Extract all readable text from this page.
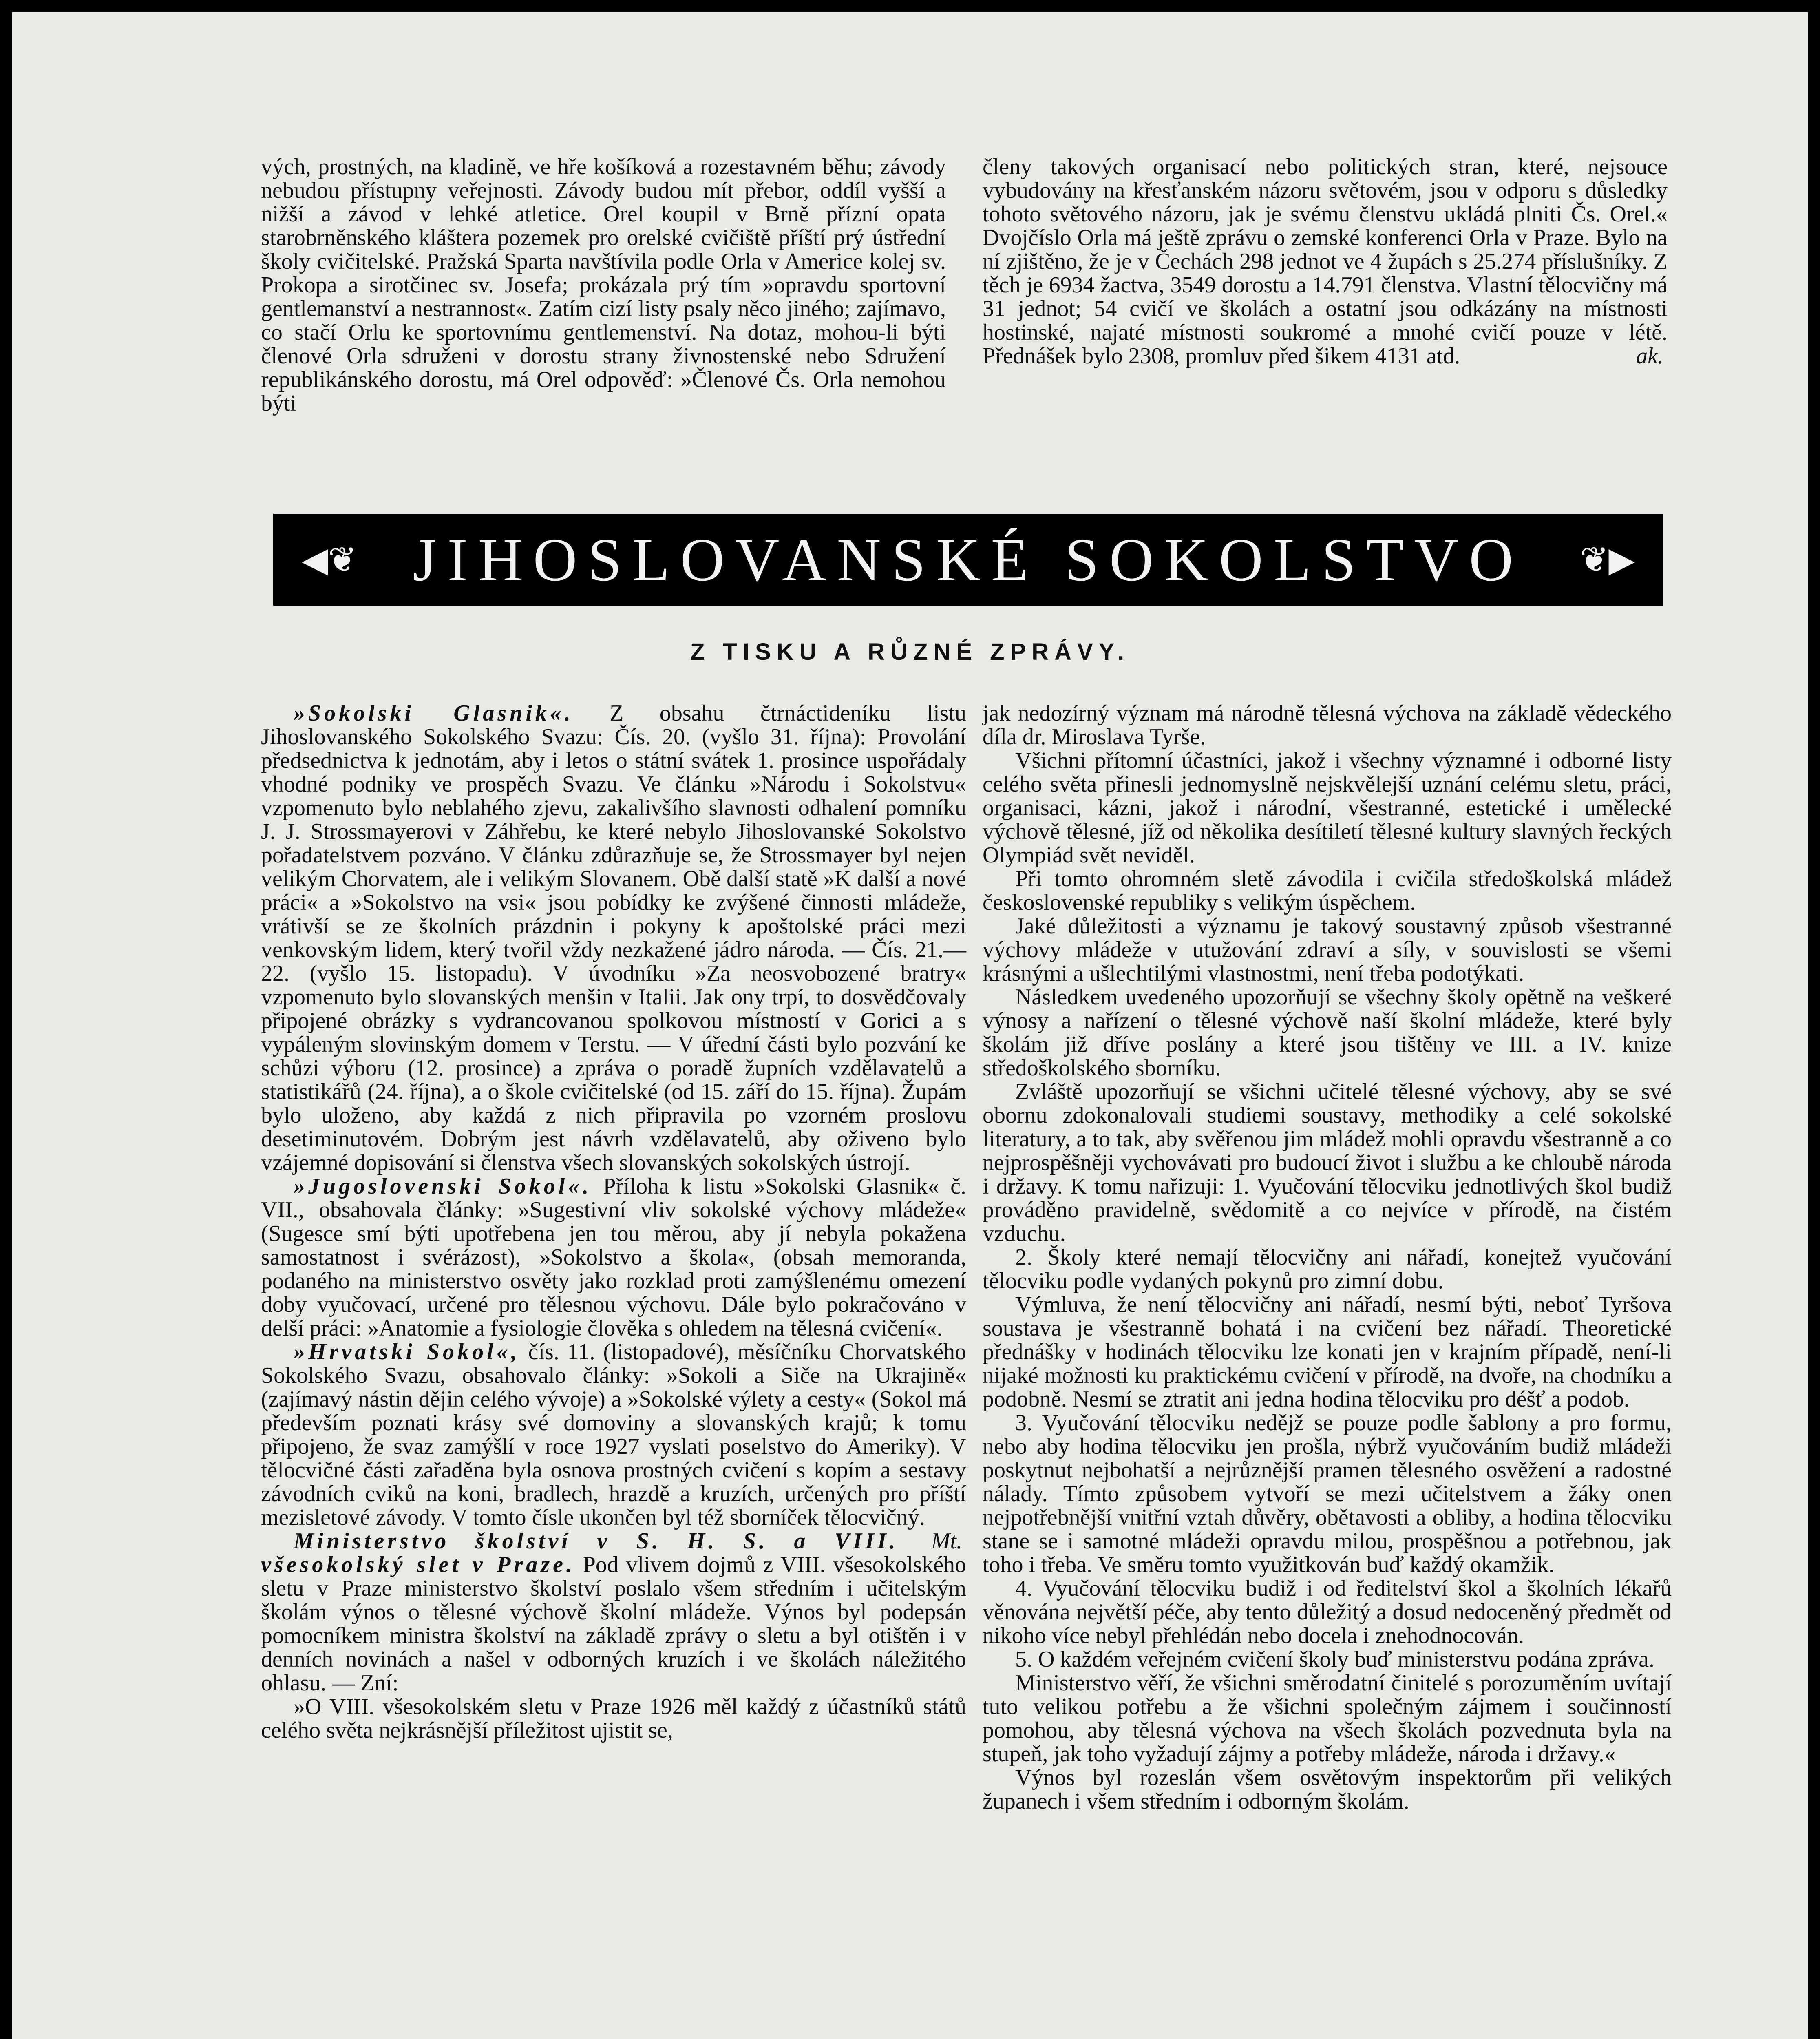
vých, prostných, na kladině, ve hře košíková a rozestavném běhu; závody nebudou přístupny veřejnosti. Závody budou mít přebor, oddíl vyšší a nižší a závod v lehké atletice. Orel koupil v Brně přízní opata starobrněnského kláštera pozemek pro orelské cvičiště příští prý ústřední školy cvičitelské. Pražská Sparta navštívila podle Orla v Americe kolej sv. Prokopa a sirotčinec sv. Josefa; prokázala prý tím »opravdu sportovní gentlemanství a nestrannost«. Zatím cizí listy psaly něco jiného; zajímavo, co stačí Orlu ke sportovnímu gentlemenství. Na dotaz, mohou-li býti členové Orla sdruženi v dorostu strany živnostenské nebo Sdružení republikánského dorostu, má Orel odpověď: »Členové Čs. Orla nemohou býti

členy takových organisací nebo politických stran, které, nejsouce vybudovány na křesťanském názoru světovém, jsou v odporu s důsledky tohoto světového názoru, jak je svému členstvu ukládá plniti Čs. Orel.« Dvojčíslo Orla má ještě zprávu o zemské konferenci Orla v Praze. Bylo na ní zjištěno, že je v Čechách 298 jednot ve 4 župách s 25.274 příslušníky. Z těch je 6934 žactva, 3549 dorostu a 14.791 členstva. Vlastní tělocvičny má 31 jednot; 54 cvičí ve školách a ostatní jsou odkázány na místnosti hostinské, najaté místnosti soukromé a mnohé cvičí pouze v létě. Přednášek bylo 2308, promluv před šikem 4131 atd.	ak.

◀❦ JIHOSLOVANSKÉ SOKOLSTVO ❦▶
Z TISKU A RŮZNÉ ZPRÁVY.

»Sokolski Glasnik«. Z obsahu čtrnáctideníku listu Jihoslovanského Sokolského Svazu: Čís. 20. (vyšlo 31. října): Provolání předsednictva k jednotám, aby i letos o státní svátek 1. prosince uspořádaly vhodné podniky ve prospěch Svazu. Ve článku »Národu i Sokolstvu« vzpomenuto bylo neblahého zjevu, zakalivšího slavnosti odhalení pomníku J. J. Strossmayerovi v Záhřebu, ke které nebylo Jihoslovanské Sokolstvo pořadatelstvem pozváno. V článku zdůrazňuje se, že Strossmayer byl nejen velikým Chorvatem, ale i velikým Slovanem. Obě další statě »K další a nové práci« a »Sokolstvo na vsi« jsou pobídky ke zvýšené činnosti mládeže, vrátivší se ze školních prázdnin i pokyny k apoštolské práci mezi venkovským lidem, který tvořil vždy nezkažené jádro národa. — Čís. 21.—22. (vyšlo 15. listopadu). V úvodníku »Za neosvobozené bratry« vzpomenuto bylo slovanských menšin v Italii. Jak ony trpí, to dosvědčovaly připojené obrázky s vydrancovanou spolkovou místností v Gorici a s vypáleným slovinským domem v Terstu. — V úřední části bylo pozvání ke schůzi výboru (12. prosince) a zpráva o poradě župních vzdělavatelů a statistikářů (24. října), a o škole cvičitelské (od 15. září do 15. října). Župám bylo uloženo, aby každá z nich připravila po vzorném proslovu desetiminutovém. Dobrým jest návrh vzdělavatelů, aby oživeno bylo vzájemné dopisování si členstva všech slovanských sokolských ústrojí.

»Jugoslovenski Sokol«. Příloha k listu »Sokolski Glasnik« č. VII., obsahovala články: »Sugestivní vliv sokolské výchovy mládeže« (Sugesce smí býti upotřebena jen tou měrou, aby jí nebyla pokažena samostatnost i svérázost), »Sokolstvo a škola«, (obsah memoranda, podaného na ministerstvo osvěty jako rozklad proti zamýšlenému omezení doby vyučovací, určené pro tělesnou výchovu. Dále bylo pokračováno v delší práci: »Anatomie a fysiologie člověka s ohledem na tělesná cvičení«.

»Hrvatski Sokol«, čís. 11. (listopadové), měsíčníku Chorvatského Sokolského Svazu, obsahovalo články: »Sokoli a Siče na Ukrajině« (zajímavý nástin dějin celého vývoje) a »Sokolské výlety a cesty« (Sokol má především poznati krásy své domoviny a slovanských krajů; k tomu připojeno, že svaz zamýšlí v roce 1927 vyslati poselstvo do Ameriky). V tělocvičné části zařaděna byla osnova prostných cvičení s kopím a sestavy závodních cviků na koni, bradlech, hrazdě a kruzích, určených pro příští mezisletové závody. V tomto čísle ukončen byl též sborníček tělocvičný.
Mt.

Ministerstvo školství v S. H. S. a VIII. všesokolský slet v Praze. Pod vlivem dojmů z VIII. všesokolského sletu v Praze ministerstvo školství poslalo všem středním i učitelským školám výnos o tělesné výchově školní mládeže. Výnos byl podepsán pomocníkem ministra školství na základě zprávy o sletu a byl otištěn i v denních novinách a našel v odborných kruzích i ve školách náležitého ohlasu. — Zní:

»O VIII. všesokolském sletu v Praze 1926 měl každý z účastníků států celého světa nejkrásnější příležitost ujistit se,

jak nedozírný význam má národně tělesná výchova na základě vědeckého díla dr. Miroslava Tyrše.

Všichni přítomní účastníci, jakož i všechny významné i odborné listy celého světa přinesli jednomyslně nejskvělejší uznání celému sletu, práci, organisaci, kázni, jakož i národní, všestranné, estetické i umělecké výchově tělesné, jíž od několika desítiletí tělesné kultury slavných řeckých Olympiád svět neviděl.

Při tomto ohromném sletě závodila i cvičila středoškolská mládež československé republiky s velikým úspěchem.

Jaké důležitosti a významu je takový soustavný způsob všestranné výchovy mládeže v utužování zdraví a síly, v souvislosti se všemi krásnými a ušlechtilými vlastnostmi, není třeba podotýkati.

Následkem uvedeného upozorňují se všechny školy opětně na veškeré výnosy a nařízení o tělesné výchově naší školní mládeže, které byly školám již dříve poslány a které jsou tištěny ve III. a IV. knize středoškolského sborníku.

Zvláště upozorňují se všichni učitelé tělesné výchovy, aby se své obornu zdokonalovali studiemi soustavy, methodiky a celé sokolské literatury, a to tak, aby svěřenou jim mládež mohli opravdu všestranně a co nejprospěšněji vychovávati pro budoucí život i službu a ke chloubě národa i državy. K tomu nařizuji: 1. Vyučování tělocviku jednotlivých škol budiž prováděno pravidelně, svědomitě a co nejvíce v přírodě, na čistém vzduchu.

2. Školy které nemají tělocvičny ani nářadí, konejtež vyučování tělocviku podle vydaných pokynů pro zimní dobu.

Výmluva, že není tělocvičny ani nářadí, nesmí býti, neboť Tyršova soustava je všestranně bohatá i na cvičení bez nářadí. Theoretické přednášky v hodinách tělocviku lze konati jen v krajním případě, není-li nijaké možnosti ku praktickému cvičení v přírodě, na dvoře, na chodníku a podobně. Nesmí se ztratit ani jedna hodina tělocviku pro déšť a podob.

3. Vyučování tělocviku nedějž se pouze podle šablony a pro formu, nebo aby hodina tělocviku jen prošla, nýbrž vyučováním budiž mládeži poskytnut nejbohatší a nejrůznější pramen tělesného osvěžení a radostné nálady. Tímto způsobem vytvoří se mezi učitelstvem a žáky onen nejpotřebnější vnitřní vztah důvěry, obětavosti a obliby, a hodina tělocviku stane se i samotné mládeži opravdu milou, prospěšnou a potřebnou, jak toho i třeba. Ve směru tomto využitkován buď každý okamžik.

4. Vyučování tělocviku budiž i od ředitelství škol a školních lékařů věnována největší péče, aby tento důležitý a dosud nedoceněný předmět od nikoho více nebyl přehlédán nebo docela i znehodnocován.

5. O každém veřejném cvičení školy buď ministerstvu podána zpráva.

Ministerstvo věří, že všichni směrodatní činitelé s porozuměním uvítají tuto velikou potřebu a že všichni společným zájmem i součinností pomohou, aby tělesná výchova na všech školách pozvednuta byla na stupeň, jak toho vyžadují zájmy a potřeby mládeže, národa i državy.«

Výnos byl rozeslán všem osvětovým inspektorům při velikých županech i všem středním i odborným školám.
